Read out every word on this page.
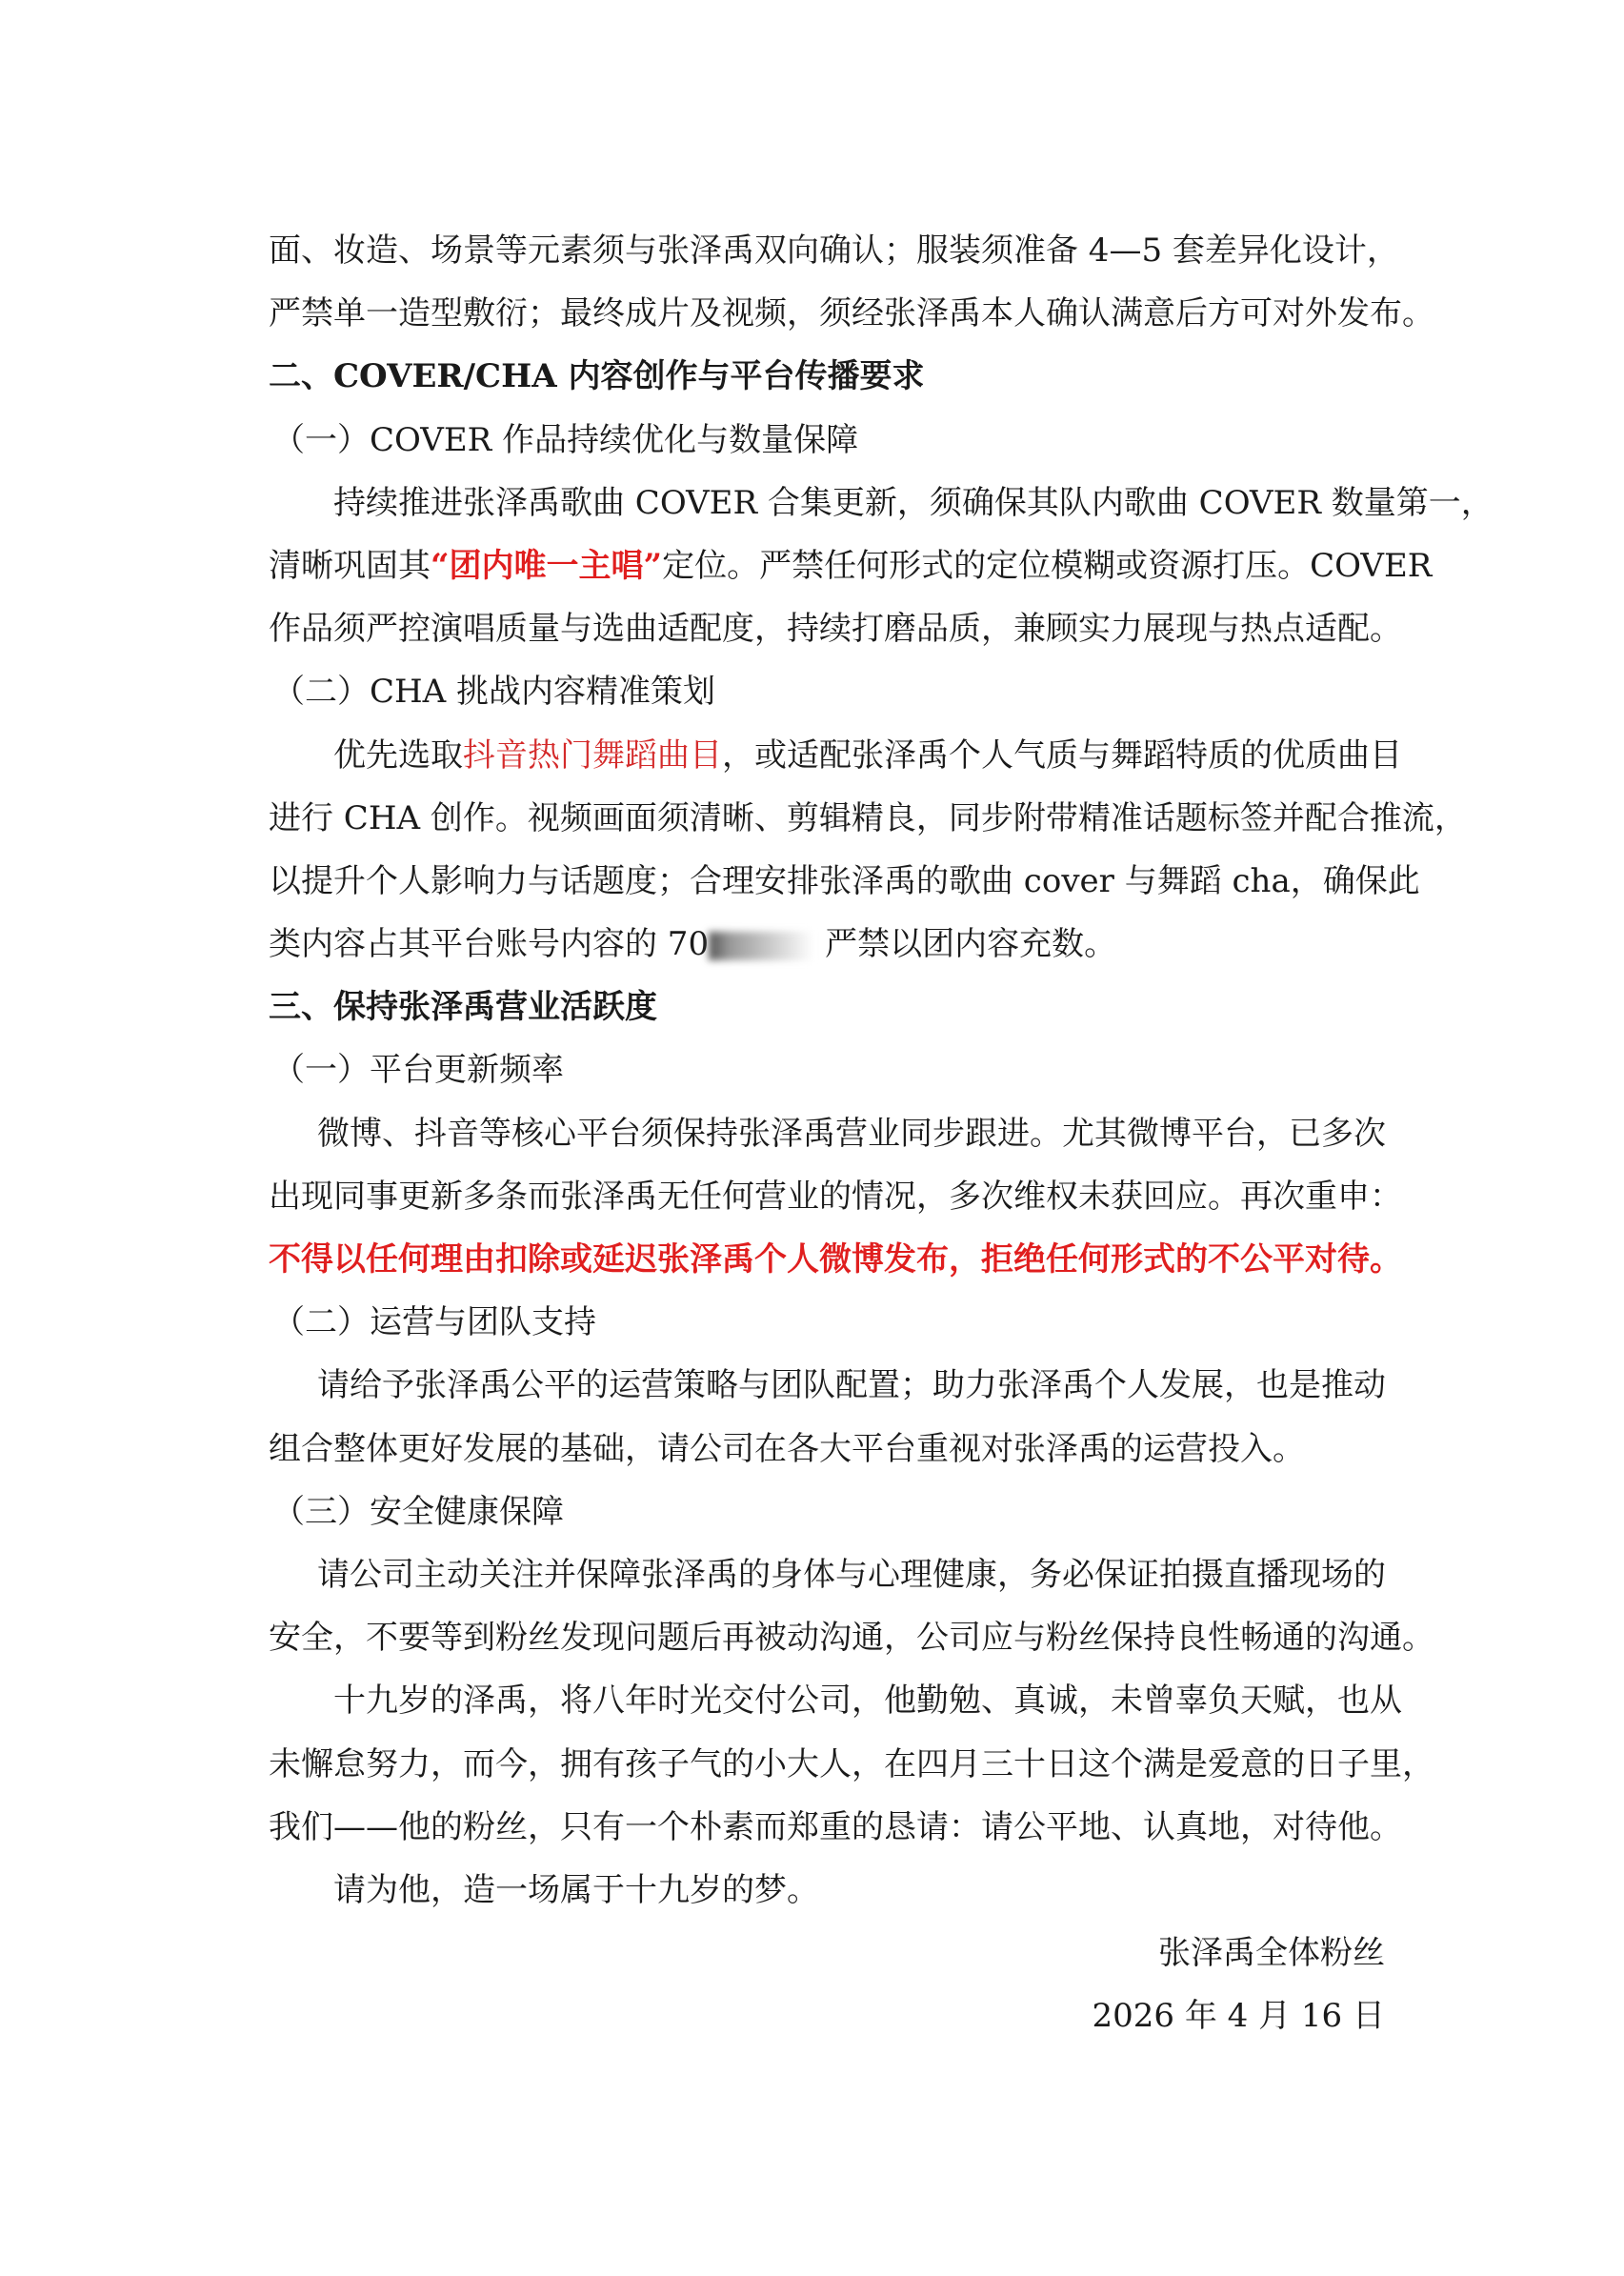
面、妆造、场景等元素须与张泽禹双向确认；服装须准备 4—5 套差异化设计，
严禁单一造型敷衍；最终成片及视频，须经张泽禹本人确认满意后方可对外发布。
二、COVER/CHA 内容创作与平台传播要求
（一）COVER 作品持续优化与数量保障
持续推进张泽禹歌曲 COVER 合集更新，须确保其队内歌曲 COVER 数量第一，
清晰巩固其“团内唯一主唱”定位。严禁任何形式的定位模糊或资源打压。COVER
作品须严控演唱质量与选曲适配度，持续打磨品质，兼顾实力展现与热点适配。
（二）CHA 挑战内容精准策划
优先选取抖音热门舞蹈曲目，或适配张泽禹个人气质与舞蹈特质的优质曲目
进行 CHA 创作。视频画面须清晰、剪辑精良，同步附带精准话题标签并配合推流，
以提升个人影响力与话题度；合理安排张泽禹的歌曲 cover 与舞蹈 cha，确保此
类内容占其平台账号内容的 70	严禁以团内容充数。
三、保持张泽禹营业活跃度
（一）平台更新频率
微博、抖音等核心平台须保持张泽禹营业同步跟进。尤其微博平台，已多次
出现同事更新多条而张泽禹无任何营业的情况，多次维权未获回应。再次重申：
不得以任何理由扣除或延迟张泽禹个人微博发布，拒绝任何形式的不公平对待。
（二）运营与团队支持
请给予张泽禹公平的运营策略与团队配置；助力张泽禹个人发展，也是推动
组合整体更好发展的基础，请公司在各大平台重视对张泽禹的运营投入。
（三）安全健康保障
请公司主动关注并保障张泽禹的身体与心理健康，务必保证拍摄直播现场的
安全，不要等到粉丝发现问题后再被动沟通，公司应与粉丝保持良性畅通的沟通。
十九岁的泽禹，将八年时光交付公司，他勤勉、真诚，未曾辜负天赋，也从
未懈怠努力，而今，拥有孩子气的小大人，在四月三十日这个满是爱意的日子里，
我们——他的粉丝，只有一个朴素而郑重的恳请：请公平地、认真地，对待他。
请为他，造一场属于十九岁的梦。
张泽禹全体粉丝
2026 年 4 月 16 日
